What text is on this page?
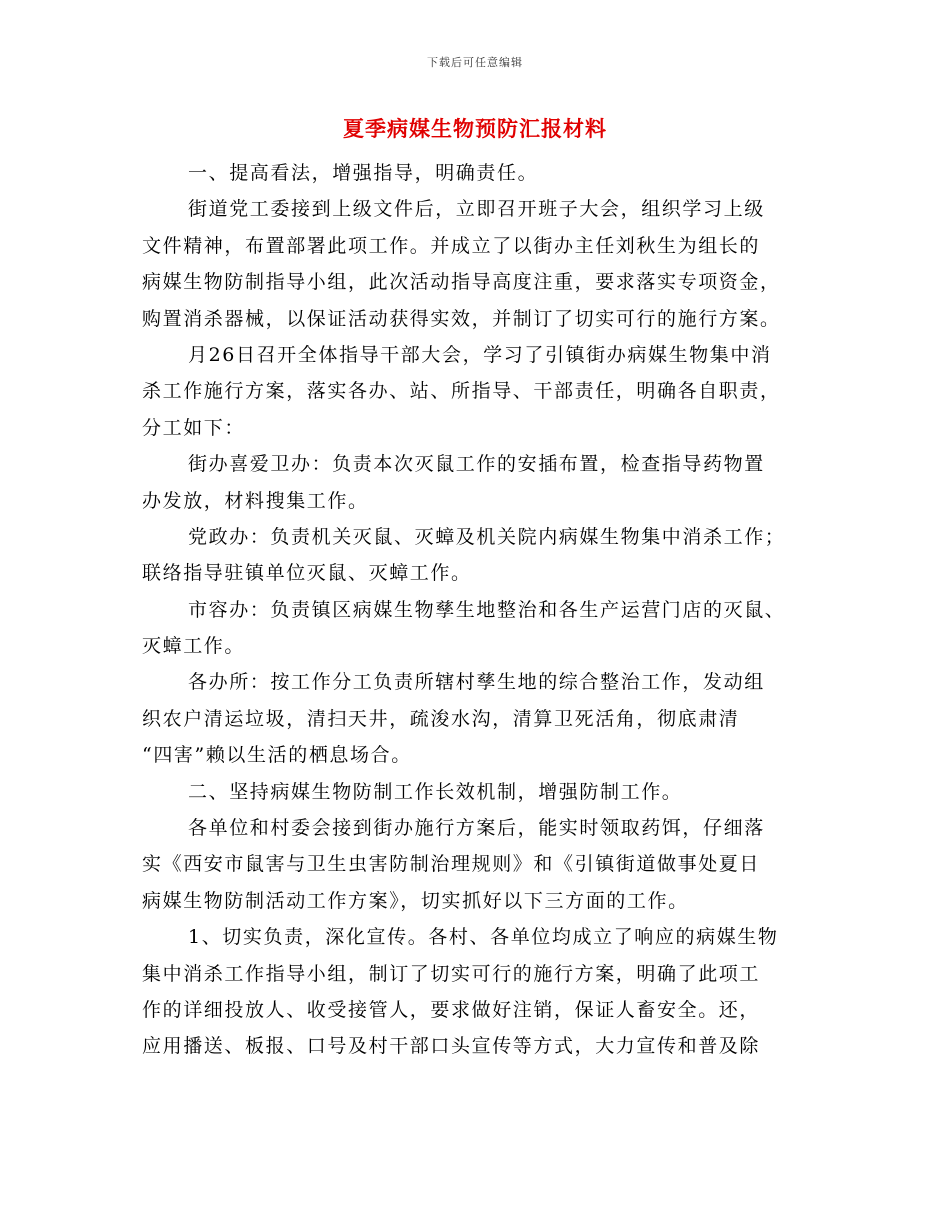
下载后可任意编辑
夏季病媒生物预防汇报材料
一、提高看法，增强指导，明确责任。
街道党工委接到上级文件后，立即召开班子大会，组织学习上级
文件精神，布置部署此项工作。并成立了以街办主任刘秋生为组长的
病媒生物防制指导小组，此次活动指导高度注重，要求落实专项资金，
购置消杀器械，以保证活动获得实效，并制订了切实可行的施行方案。
月26日召开全体指导干部大会，学习了引镇街办病媒生物集中消
杀工作施行方案，落实各办、站、所指导、干部责任，明确各自职责，
分工如下：
街办喜爱卫办：负责本次灭鼠工作的安插布置，检查指导药物置
办发放，材料搜集工作。
党政办：负责机关灭鼠、灭蟑及机关院内病媒生物集中消杀工作；
联络指导驻镇单位灭鼠、灭蟑工作。
市容办：负责镇区病媒生物孳生地整治和各生产运营门店的灭鼠、
灭蟑工作。
各办所：按工作分工负责所辖村孳生地的综合整治工作，发动组
织农户清运垃圾，清扫天井，疏浚水沟，清算卫死活角，彻底肃清
“四害”赖以生活的栖息场合。
二、坚持病媒生物防制工作长效机制，增强防制工作。
各单位和村委会接到街办施行方案后，能实时领取药饵，仔细落
实《西安市鼠害与卫生虫害防制治理规则》和《引镇街道做事处夏日
病媒生物防制活动工作方案》，切实抓好以下三方面的工作。
1、切实负责，深化宣传。各村、各单位均成立了响应的病媒生物
集中消杀工作指导小组，制订了切实可行的施行方案，明确了此项工
作的详细投放人、收受接管人，要求做好注销，保证人畜安全。还，
应用播送、板报、口号及村干部口头宣传等方式，大力宣传和普及除
